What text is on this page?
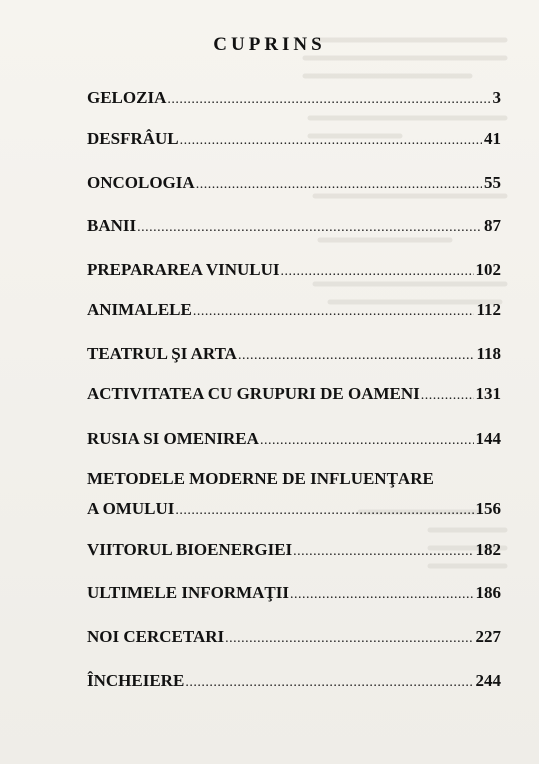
CUPRINS
GELOZIA .....	3
DESFRÂUL .....	41
ONCOLOGIA .....	55
BANII .....	87
PREPARAREA VINULUI .....	102
ANIMALELE .....	112
TEATRUL ŞI ARTA .....	118
ACTIVITATEA CU GRUPURI DE OAMENI .....	131
RUSIA SI OMENIREA .....	144
METODELE MODERNE DE INFLUENŢARE
A OMULUI .....	156
VIITORUL BIOENERGIEI .....	182
ULTIMELE INFORMAŢII .....	186
NOI CERCETARI .....	227
ÎNCHEIERE .....	244
